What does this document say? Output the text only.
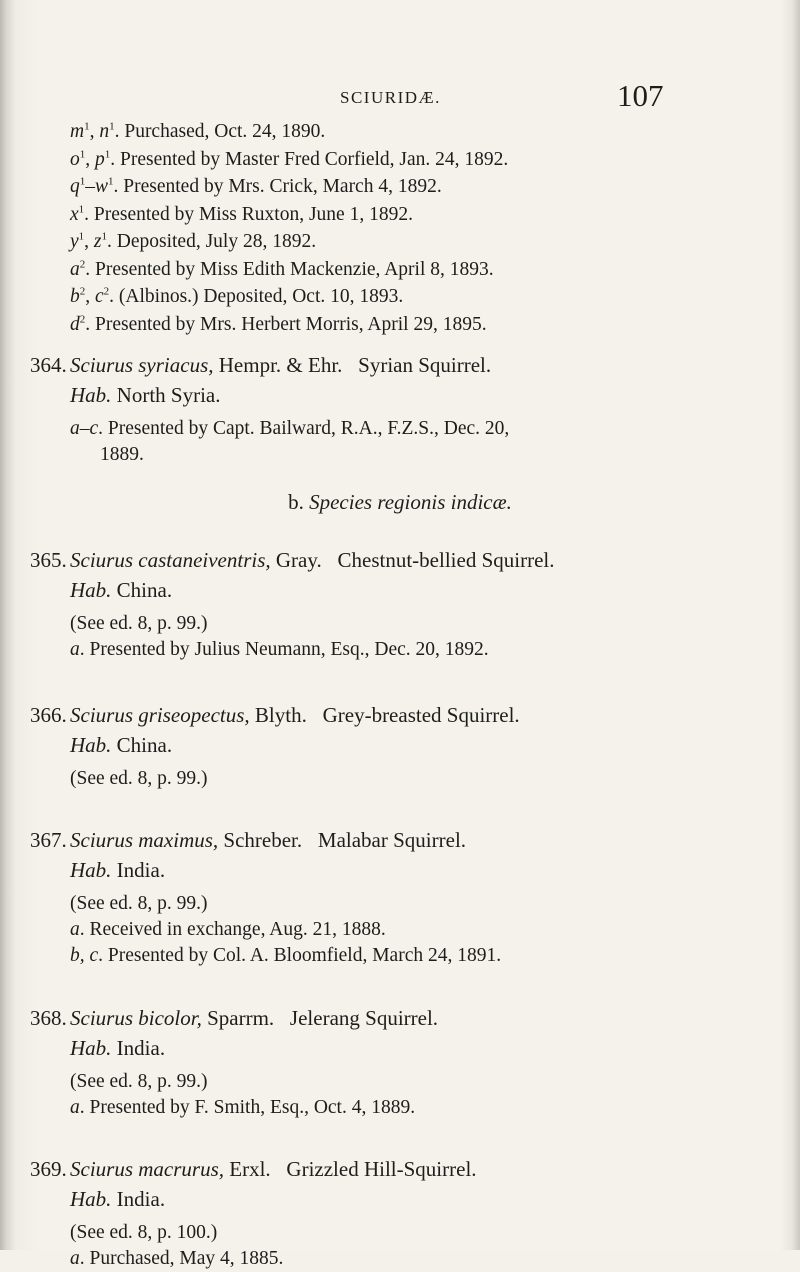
SCIURIDÆ.	107
$m^1$, $n^1$. Purchased, Oct. 24, 1890.
$o^1$, $p^1$. Presented by Master Fred Corfield, Jan. 24, 1892.
$q^1-w^1$. Presented by Mrs. Crick, March 4, 1892.
$x^1$. Presented by Miss Ruxton, June 1, 1892.
$y^1$, $z^1$. Deposited, July 28, 1892.
$a^2$. Presented by Miss Edith Mackenzie, April 8, 1893.
$b^2$, $c^2$. (Albinos.) Deposited, Oct. 10, 1893.
$d^2$. Presented by Mrs. Herbert Morris, April 29, 1895.
364. Sciurus syriacus, Hempr. & Ehr.  Syrian Squirrel.
Hab. North Syria.
a–c. Presented by Capt. Bailward, R.A., F.Z.S., Dec. 20,
1889.
b. Species regionis indicæ.
365. Sciurus castaneiventris, Gray.  Chestnut-bellied Squirrel.
Hab. China.
(See ed. 8, p. 99.)
a. Presented by Julius Neumann, Esq., Dec. 20, 1892.
366. Sciurus griseopectus, Blyth.  Grey-breasted Squirrel.
Hab. China.
(See ed. 8, p. 99.)
367. Sciurus maximus, Schreber.  Malabar Squirrel.
Hab. India.
(See ed. 8, p. 99.)
a. Received in exchange, Aug. 21, 1888.
b, c. Presented by Col. A. Bloomfield, March 24, 1891.
368. Sciurus bicolor, Sparrm.  Jelerang Squirrel.
Hab. India.
(See ed. 8, p. 99.)
a. Presented by F. Smith, Esq., Oct. 4, 1889.
369. Sciurus macrurus, Erxl.  Grizzled Hill-Squirrel.
Hab. India.
(See ed. 8, p. 100.)
a. Purchased, May 4, 1885.
